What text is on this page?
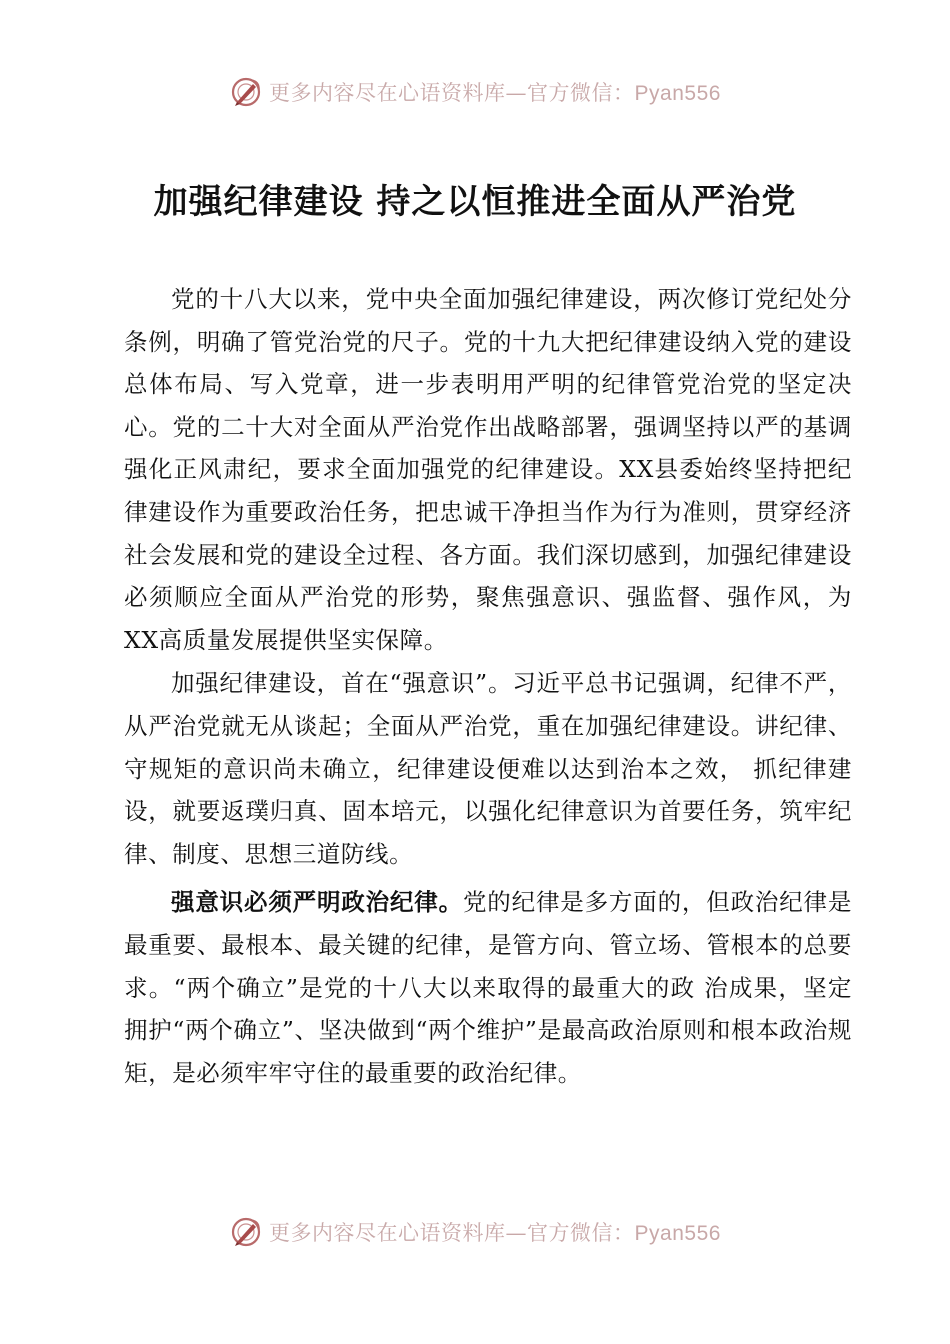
更多内容尽在心语资料库—官方微信：Pyan556
加强纪律建设 持之以恒推进全面从严治党

党的十八大以来，党中央全面加强纪律建设，两次修订党纪处分条例，明确了管党治党的尺子。党的十九大把纪律建设纳入党的建设总体布局、写入党章，进一步表明用严明的纪律管党治党的坚定决心。党的二十大对全面从严治党作出战略部署，强调坚持以严的基调强化正风肃纪，要求全面加强党的纪律建设。XX县委始终坚持把纪律建设作为重要政治任务，把忠诚干净担当作为行为准则，贯穿经济社会发展和党的建设全过程、各方面。我们深切感到，加强纪律建设必须顺应全面从严治党的形势，聚焦强意识、强监督、强作风，为 XX高质量发展提供坚实保障。

加强纪律建设，首在“强意识”。习近平总书记强调，纪律不严，从严治党就无从谈起；全面从严治党，重在加强纪律建设。讲纪律、守规矩的意识尚未确立，纪律建设便难以达到治本之效， 抓纪律建设，就要返璞归真、固本培元，以强化纪律意识为首要任务，筑牢纪律、制度、思想三道防线。

强意识必须严明政治纪律。党的纪律是多方面的，但政治纪律是最重要、最根本、最关键的纪律，是管方向、管立场、管根本的总要求。“两个确立”是党的十八大以来取得的最重大的政 治成果，坚定拥护“两个确立”、坚决做到“两个维护”是最高政治原则和根本政治规矩，是必须牢牢守住的最重要的政治纪律。

更多内容尽在心语资料库—官方微信：Pyan556
